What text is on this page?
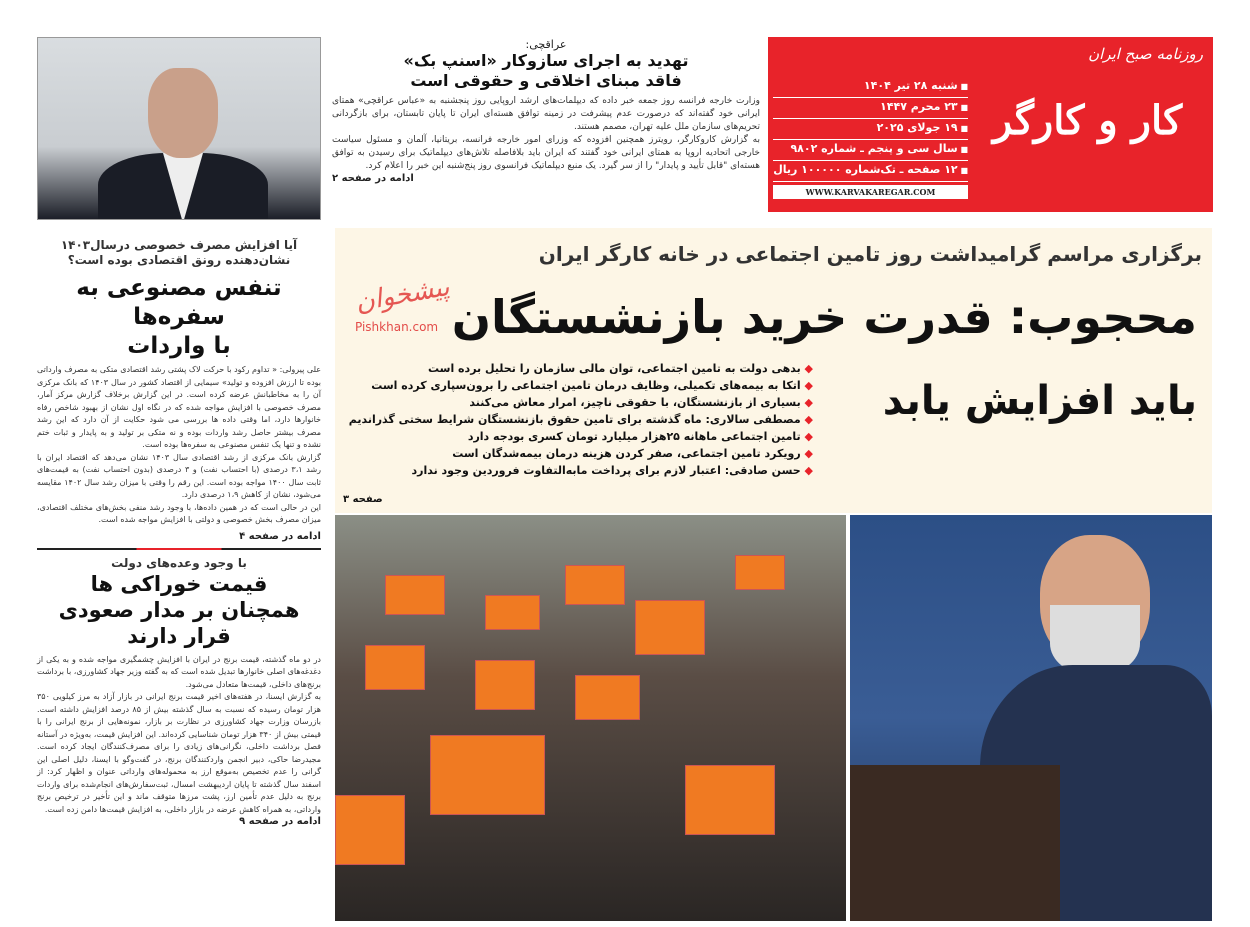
عراقچی:
تهدید به اجرای سازوکار «اسنپ بک»
فاقد مبنای اخلاقی و حقوقی است

وزارت خارجه فرانسه روز جمعه خبر داده که دیپلمات‌های ارشد اروپایی روز پنجشنبه به «عباس عراقچی» همتای ایرانی خود گفته‌اند که درصورت عدم پیشرفت در زمینه توافق هسته‌ای ایران تا پایان تابستان، برای بازگردانی تحریم‌های سازمان ملل علیه تهران، مصمم هستند.

به گزارش کاروکارگر، رویترز همچنین افزوده که وزرای امور خارجه فرانسه، بریتانیا، آلمان و مسئول سیاست خارجی اتحادیه اروپا به همتای ایرانی خود گفتند که ایران باید بلافاصله تلاش‌های دیپلماتیک برای رسیدن به توافق هسته‌ای "قابل تأیید و پایدار" را از سر گیرد. یک منبع دیپلماتیک فرانسوی روز پنج‌شنبه این خبر را اعلام کرد.

ادامه در صفحه ۲
روزنامه صبح ایران
کار و کارگر
■ شنبه ۲۸ تیر ۱۴۰۴
■ ۲۳ محرم ۱۴۴۷
■ ۱۹ جولای ۲۰۲۵
■ سال سی و پنجم ـ شماره ۹۸۰۲
■ ۱۲ صفحه ـ تک‌شماره ۱۰۰۰۰۰ ریال
WWW.KARVAKAREGAR.COM
برگزاری مراسم گرامیداشت روز تامین اجتماعی در خانه کارگر ایران
محجوب: قدرت خرید بازنشستگان
باید افزایش یابد
پیشخوان
Pishkhan.com
◆ بدهی دولت به تامین اجتماعی، توان مالی سازمان را تحلیل برده است
◆ اتکا به بیمه‌های تکمیلی، وظایف درمان تامین اجتماعی را برون‌سپاری کرده است
◆ بسیاری از بازنشستگان، با حقوقی ناچیز، امرار معاش می‌کنند
◆ مصطفی سالاری: ماه گذشته برای تامین حقوق بازنشستگان شرایط سختی گذراندیم
◆ تامین اجتماعی ماهانه ۲۵هزار میلیارد تومان کسری بودجه دارد
◆ رویکرد تامین اجتماعی، صفر کردن هزینه درمان بیمه‌شدگان است
◆ حسن صادقی: اعتبار لازم برای پرداخت مابه‌التفاوت فروردین وجود ندارد
صفحه ۳
آیا افزایش مصرف خصوصی درسال۱۴۰۳
نشان‌دهنده رونق اقتصادی بوده است؟
تنفس مصنوعی به سفره‌ها
با واردات

علی پیرولی: « تداوم رکود با حرکت لاک پشتی رشد اقتصادی متکی به مصرف وارداتی بوده تا ارزش افزوده و تولید» سیمایی از اقتصاد کشور در سال ۱۴۰۳ که بانک مرکزی آن را به مخاطبانش عرضه کرده است. در این گزارش برخلاف گزارش مرکز آمار، مصرف خصوصی با افزایش مواجه شده که در نگاه اول نشان از بهبود شاخص رفاه خانوارها دارد، اما وقتی داده ها بررسی می شود حکایت از آن دارد که این رشد مصرف بیشتر حاصل رشد واردات بوده و نه متکی بر تولید و به پایدار و ثبات ختم نشده و تنها یک تنفس مصنوعی به سفره‌ها بوده است.

گزارش بانک مرکزی از رشد اقتصادی سال ۱۴۰۳ نشان می‌دهد که اقتصاد ایران با رشد ۳،۱ درصدی (با احتساب نفت) و ۳ درصدی (بدون احتساب نفت) به قیمت‌های ثابت سال ۱۴۰۰ مواجه بوده است. این رقم را وقتی با میزان رشد سال ۱۴۰۲ مقایسه می‌شود، نشان از کاهش ۱،۹ درصدی دارد.

این در حالی است که در همین داده‌ها، با وجود رشد منفی بخش‌های مختلف اقتصادی، میزان مصرف بخش خصوصی و دولتی با افزایش مواجه شده است.

ادامه در صفحه ۴
با وجود وعده‌های دولت
قیمت خوراکی ها
همچنان بر مدار صعودی قرار دارند

در دو ماه گذشته، قیمت برنج در ایران با افزایش چشمگیری مواجه شده و به یکی از دغدغه‌های اصلی خانوارها تبدیل شده است که به گفته وزیر جهاد کشاورزی، با برداشت برنج‌های داخلی، قیمت‌ها متعادل می‌شود.

به گزارش ایسنا، در هفته‌های اخیر قیمت برنج ایرانی در بازار آزاد به مرز کیلویی ۳۵۰ هزار تومان رسیده که نسبت به سال گذشته بیش از ۸۵ درصد افزایش داشته است. بازرسان وزارت جهاد کشاورزی در نظارت بر بازار، نمونه‌هایی از برنج ایرانی را با قیمتی بیش از ۳۴۰ هزار تومان شناسایی کرده‌اند. این افزایش قیمت، به‌ویژه در آستانه فصل برداشت داخلی، نگرانی‌های زیادی را برای مصرف‌کنندگان ایجاد کرده است. مجیدرضا حاکی، دبیر انجمن واردکنندگان برنج، در گفت‌وگو با ایسنا، دلیل اصلی این گرانی را عدم تخصیص به‌موقع ارز به محموله‌های وارداتی عنوان و اظهار کرد: از اسفند سال گذشته تا پایان اردیبهشت امسال، ثبت‌سفارش‌های انجام‌شده برای واردات برنج به دلیل عدم تأمین ارز، پشت مرزها متوقف ماند و این تأخیر در ترخیص برنج وارداتی، به همراه کاهش عرضه در بازار داخلی، به افزایش قیمت‌ها دامن زده است.

ادامه در صفحه ۹
